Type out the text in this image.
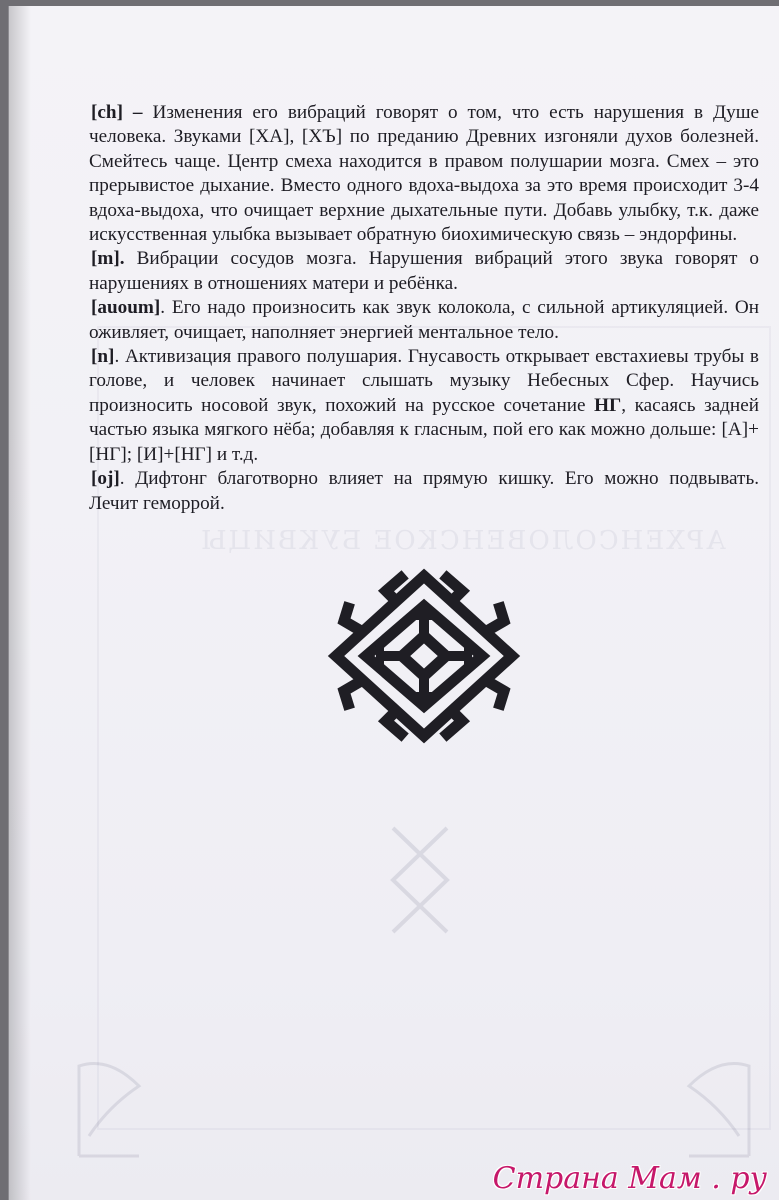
АРХЕНСОЛОВЕНСКОЕ БУКВИЦЫ

[ch] – Изменения его вибраций говорят о том, что есть нарушения в Душе человека. Звуками [ХА], [ХЪ] по преданию Древних изгоняли духов болезней. Смейтесь чаще. Центр смеха находится в правом полушарии мозга. Смех – это прерывистое дыхание. Вместо одного вдоха-выдоха за это время происходит 3-4 вдоха-выдоха, что очищает верхние дыхательные пути. Добавь улыбку, т.к. даже искусственная улыбка вызывает обратную биохимическую связь – эндорфины.

[m]. Вибрации сосудов мозга. Нарушения вибраций этого звука говорят о нарушениях в отношениях матери и ребёнка.

[auoum]. Его надо произносить как звук колокола, с сильной артикуляцией. Он оживляет, очищает, наполняет энергией ментальное тело.

[n]. Активизация правого полушария. Гнусавость открывает евстахиевы трубы в голове, и человек начинает слышать музыку Небесных Сфер. Научись произносить носовой звук, похожий на русское сочетание НГ, касаясь задней частью языка мягкого нёба; добавляя к гласным, пой его как можно дольше: [А]+[НГ]; [И]+[НГ] и т.д.

[oj]. Дифтонг благотворно влияет на прямую кишку. Его можно подвывать. Лечит геморрой.

Страна Мам . ру
